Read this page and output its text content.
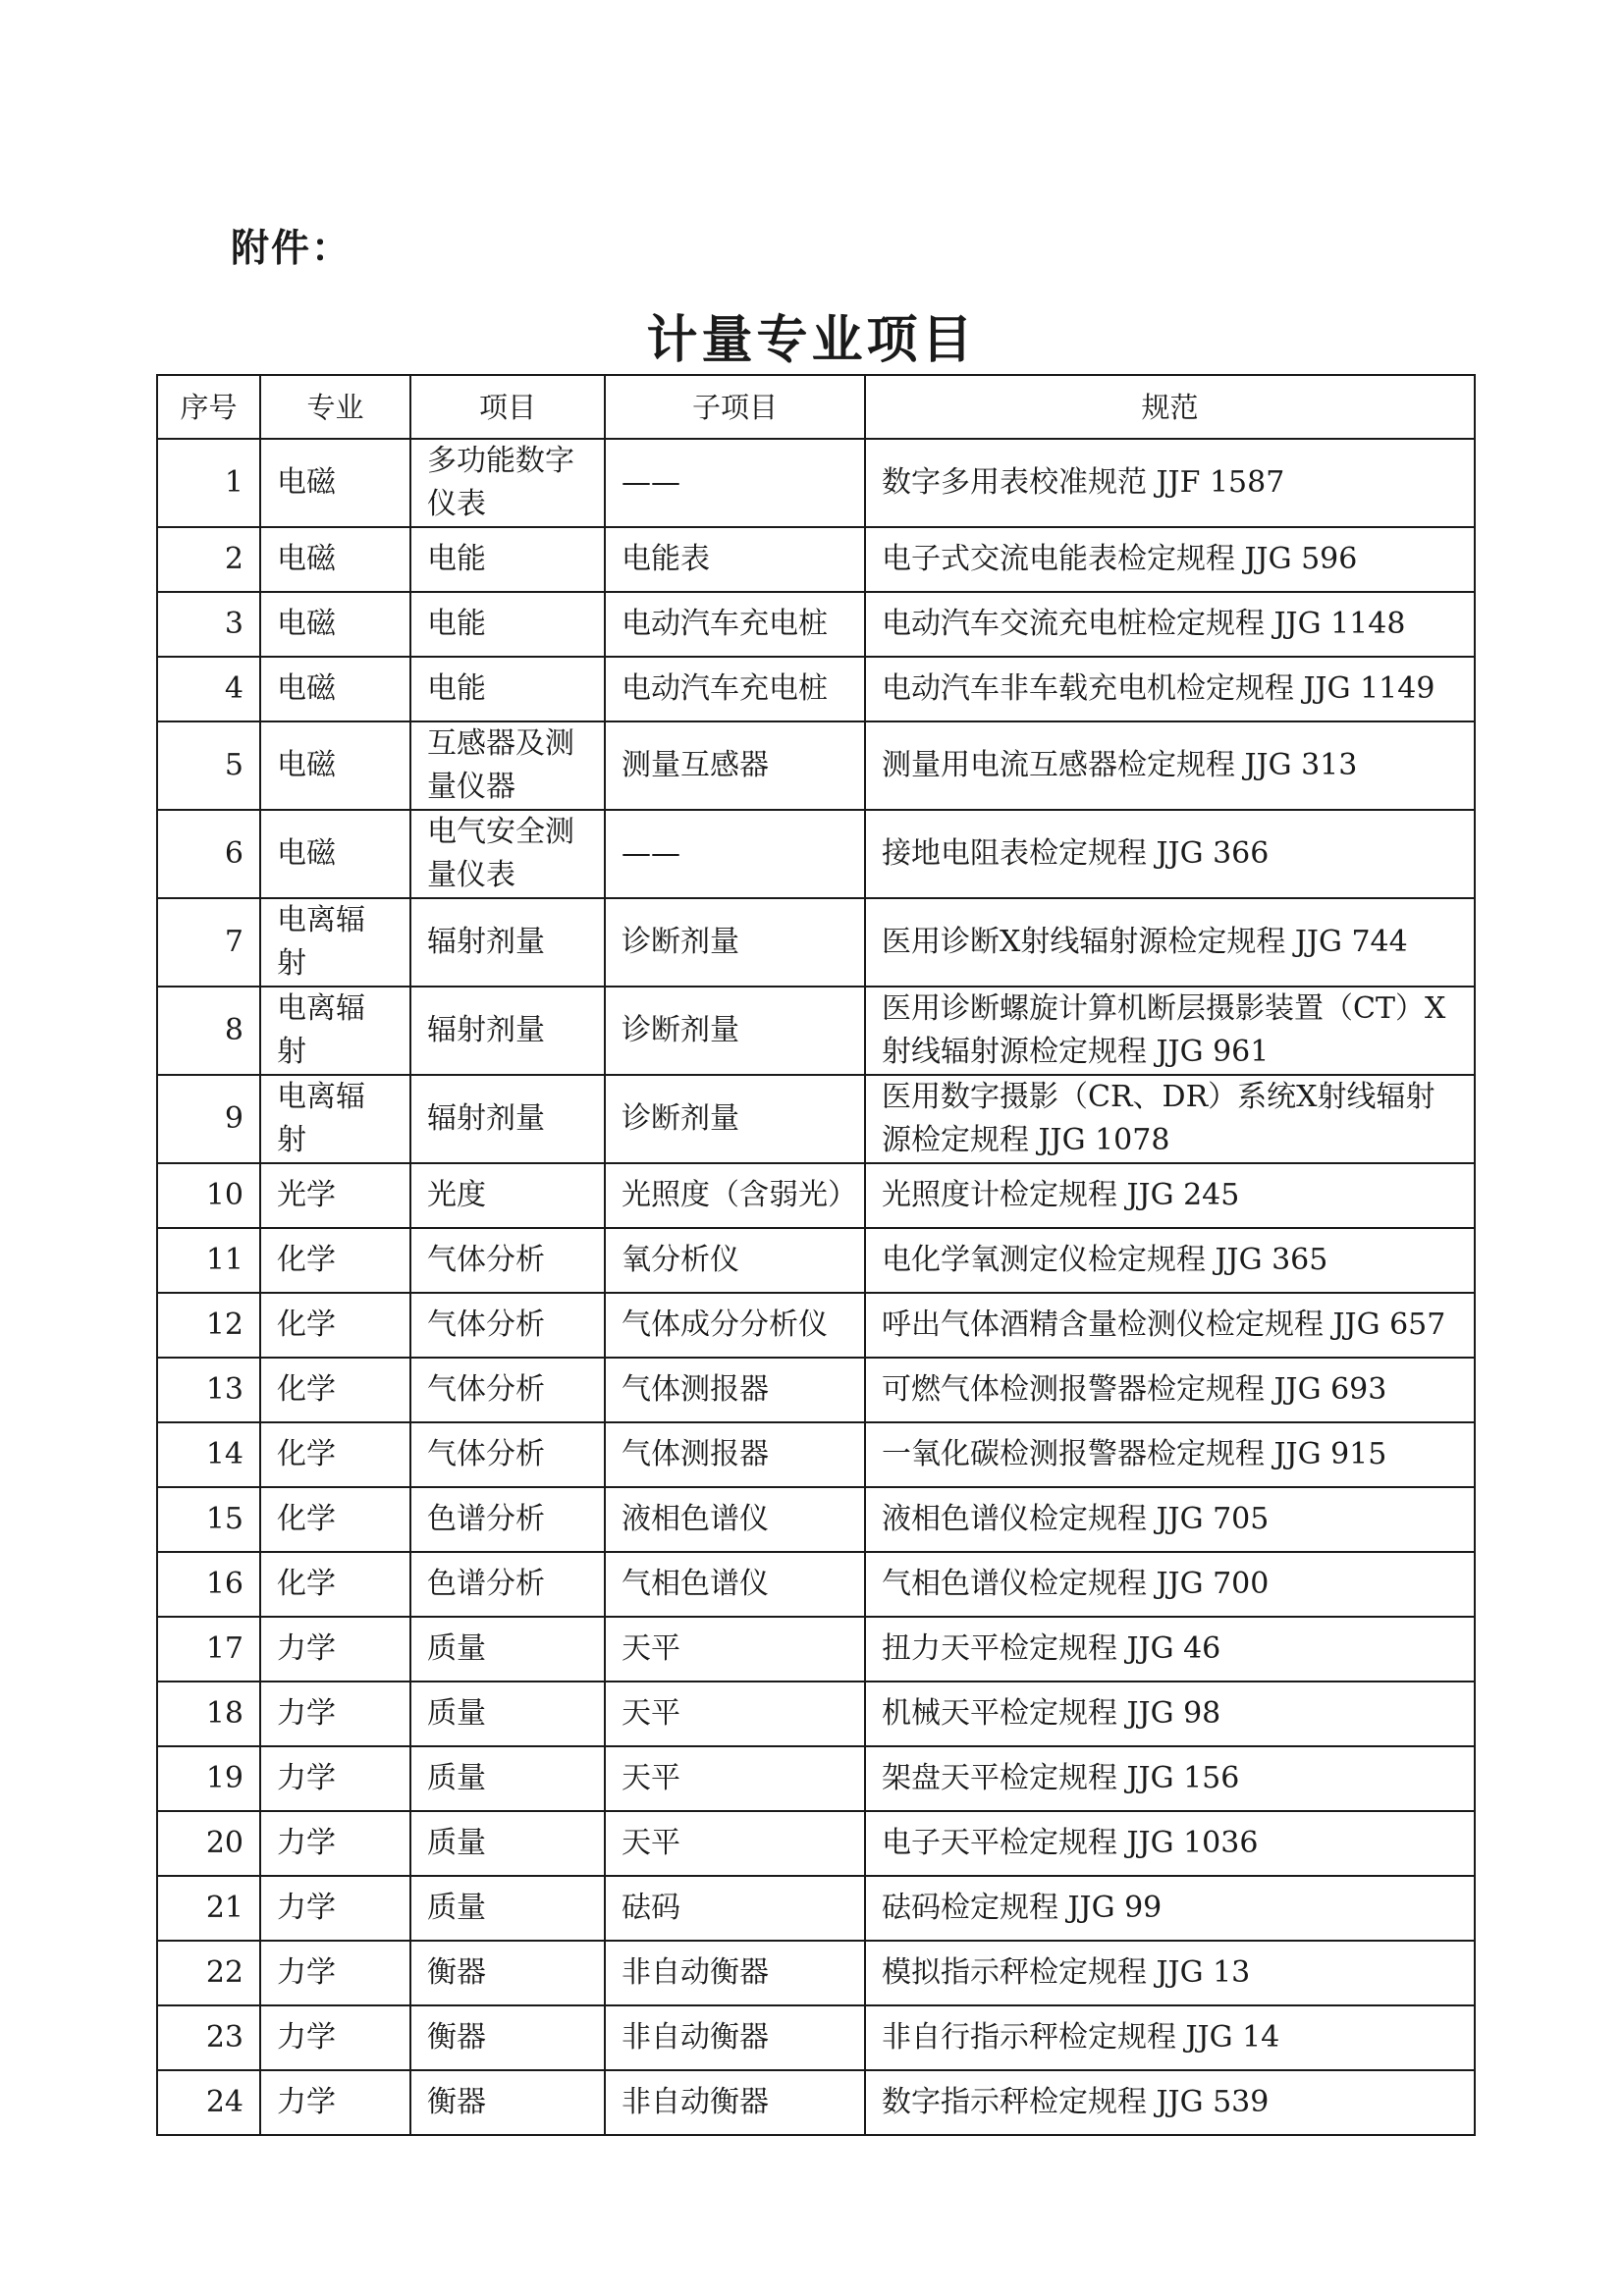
附件：
计量专业项目
序号	专业	项目	子项目	规范
1	电磁	多功能数字仪表	——	数字多用表校准规范 JJF 1587
2	电磁	电能	电能表	电子式交流电能表检定规程 JJG 596
3	电磁	电能	电动汽车充电桩	电动汽车交流充电桩检定规程 JJG 1148
4	电磁	电能	电动汽车充电桩	电动汽车非车载充电机检定规程 JJG 1149
5	电磁	互感器及测量仪器	测量互感器	测量用电流互感器检定规程 JJG 313
6	电磁	电气安全测量仪表	——	接地电阻表检定规程 JJG 366
7	电离辐射	辐射剂量	诊断剂量	医用诊断X射线辐射源检定规程 JJG 744
8	电离辐射	辐射剂量	诊断剂量	医用诊断螺旋计算机断层摄影装置（CT）X射线辐射源检定规程 JJG 961
9	电离辐射	辐射剂量	诊断剂量	医用数字摄影（CR、DR）系统X射线辐射源检定规程 JJG 1078
10	光学	光度	光照度（含弱光）	光照度计检定规程 JJG 245
11	化学	气体分析	氧分析仪	电化学氧测定仪检定规程 JJG 365
12	化学	气体分析	气体成分分析仪	呼出气体酒精含量检测仪检定规程 JJG 657
13	化学	气体分析	气体测报器	可燃气体检测报警器检定规程 JJG 693
14	化学	气体分析	气体测报器	一氧化碳检测报警器检定规程 JJG 915
15	化学	色谱分析	液相色谱仪	液相色谱仪检定规程 JJG 705
16	化学	色谱分析	气相色谱仪	气相色谱仪检定规程 JJG 700
17	力学	质量	天平	扭力天平检定规程 JJG 46
18	力学	质量	天平	机械天平检定规程 JJG 98
19	力学	质量	天平	架盘天平检定规程 JJG 156
20	力学	质量	天平	电子天平检定规程 JJG 1036
21	力学	质量	砝码	砝码检定规程 JJG 99
22	力学	衡器	非自动衡器	模拟指示秤检定规程 JJG 13
23	力学	衡器	非自动衡器	非自行指示秤检定规程 JJG 14
24	力学	衡器	非自动衡器	数字指示秤检定规程 JJG 539
